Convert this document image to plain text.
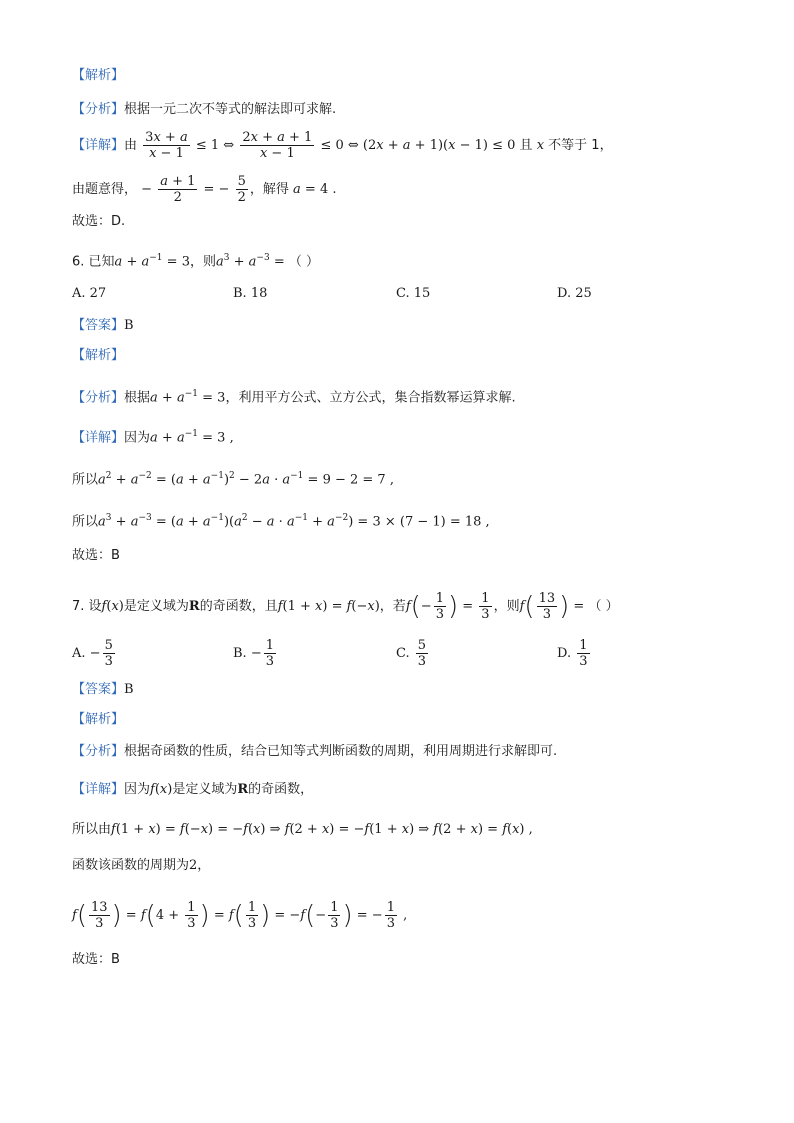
【解析】
【分析】根据一元二次不等式的解法即可求解.
【详解】由 $\frac{3x + a}{x - 1} \le 1$ ⇔ $\frac{2x + a + 1}{x - 1} \le 0$ ⇔ (2x + a + 1)(x − 1) ≤ 0 且 x 不等于 1，
由题意得， − $\frac{a + 1}{2}$ = − $\frac{5}{2}$ ，解得 a = 4 .
故选：D.
6. 已知$a + a^{-1} = 3$，则$a^3 + a^{-3}$ = （ ）
A. 27	B. 18	C. 15	D. 25
【答案】B
【解析】
【分析】根据$a + a^{-1} = 3$，利用平方公式、立方公式，集合指数幂运算求解.
【详解】因为$a + a^{-1} = 3$ ,
所以$a^2 + a^{-2} = (a + a^{-1})^2 - 2a \cdot a^{-1} = 9 - 2 = 7$ ,
所以$a^3 + a^{-3} = (a + a^{-1})(a^2 - a \cdot a^{-1} + a^{-2}) = 3 \times (7 - 1) = 18$ ,
故选：B
7. 设f(x)是定义域为R的奇函数，且f(1 + x) = f(−x)，若$f(- \frac{1}{3}$ ) = $\frac{1}{3}$ ，则$f( \frac{13}{3}$ ) = （ ）
A. − $\frac{5}{3}$	B. − $\frac{1}{3}$	C. $\frac{5}{3}$	D. $\frac{1}{3}$
【答案】B
【解析】
【分析】根据奇函数的性质，结合已知等式判断函数的周期，利用周期进行求解即可.
【详解】因为f(x)是定义域为R的奇函数，
所以由f(1 + x) = f(−x) = −f(x) ⇒ f(2 + x) = −f(1 + x) ⇒ f(2 + x) = f(x) ,
函数该函数的周期为2，
$f( \frac{13}{3}$ ) = $f(4 + \frac{1}{3}$ ) = $f( \frac{1}{3}$ ) = $-f(- \frac{1}{3}$ ) = − $\frac{1}{3}$ ,
故选：B
